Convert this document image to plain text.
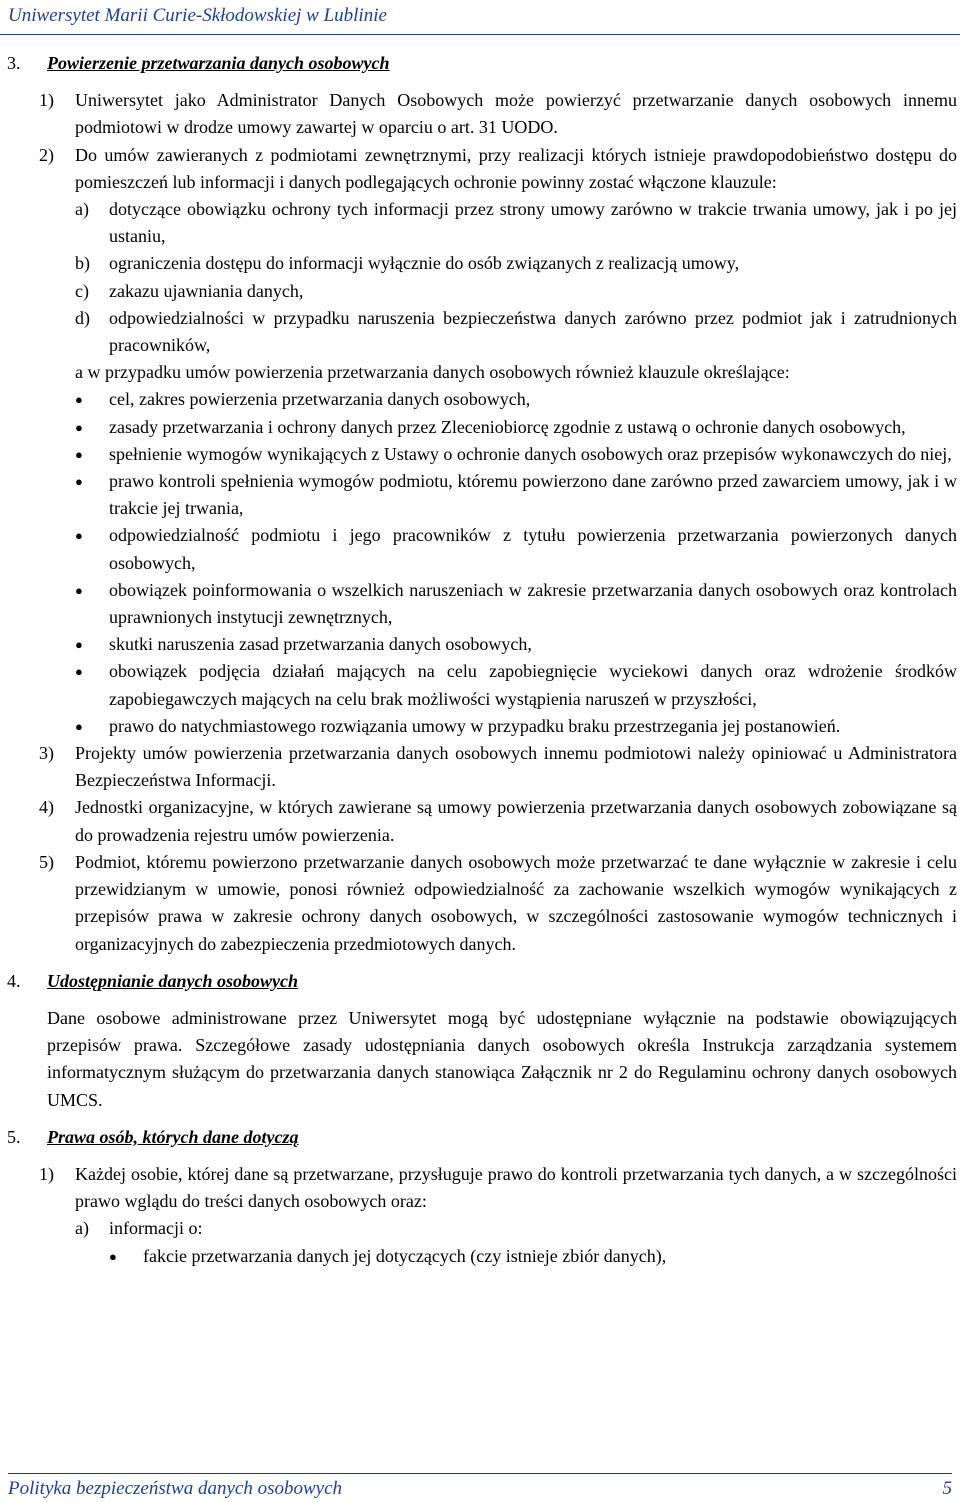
Uniwersytet Marii Curie-Skłodowskiej w Lublinie
3.	Powierzenie przetwarzania danych osobowych
1)	Uniwersytet jako Administrator Danych Osobowych może powierzyć przetwarzanie danych osobowych innemu podmiotowi w drodze umowy zawartej w oparciu o art. 31 UODO.
2)	Do umów zawieranych z podmiotami zewnętrznymi, przy realizacji których istnieje prawdopodobieństwo dostępu do pomieszczeń lub informacji i danych podlegających ochronie powinny zostać włączone klauzule:
a)	dotyczące obowiązku ochrony tych informacji przez strony umowy zarówno w trakcie trwania umowy, jak i po jej ustaniu,
b)	ograniczenia dostępu do informacji wyłącznie do osób związanych z realizacją umowy,
c)	zakazu ujawniania danych,
d)	odpowiedzialności w przypadku naruszenia bezpieczeństwa danych zarówno przez podmiot jak i zatrudnionych pracowników,
a w przypadku umów powierzenia przetwarzania danych osobowych również klauzule określające:
●	cel, zakres powierzenia przetwarzania danych osobowych,
●	zasady przetwarzania i ochrony danych przez Zleceniobiorcę zgodnie z ustawą o ochronie danych osobowych,
●	spełnienie wymogów wynikających z Ustawy o ochronie danych osobowych oraz przepisów wykonawczych do niej,
●	prawo kontroli spełnienia wymogów podmiotu, któremu powierzono dane zarówno przed zawarciem umowy, jak i w trakcie jej trwania,
●	odpowiedzialność podmiotu i jego pracowników z tytułu powierzenia przetwarzania powierzonych danych osobowych,
●	obowiązek poinformowania o wszelkich naruszeniach w zakresie przetwarzania danych osobowych oraz kontrolach uprawnionych instytucji zewnętrznych,
●	skutki naruszenia zasad przetwarzania danych osobowych,
●	obowiązek podjęcia działań mających na celu zapobiegnięcie wyciekowi danych oraz wdrożenie środków zapobiegawczych mających na celu brak możliwości wystąpienia naruszeń w przyszłości,
●	prawo do natychmiastowego rozwiązania umowy w przypadku braku przestrzegania jej postanowień.
3)	Projekty umów powierzenia przetwarzania danych osobowych innemu podmiotowi należy opiniować u Administratora Bezpieczeństwa Informacji.
4)	Jednostki organizacyjne, w których zawierane są umowy powierzenia przetwarzania danych osobowych zobowiązane są do prowadzenia rejestru umów powierzenia.
5)	Podmiot, któremu powierzono przetwarzanie danych osobowych może przetwarzać te dane wyłącznie w zakresie i celu przewidzianym w umowie, ponosi również odpowiedzialność za zachowanie wszelkich wymogów wynikających z przepisów prawa w zakresie ochrony danych osobowych, w szczególności zastosowanie wymogów technicznych i organizacyjnych do zabezpieczenia przedmiotowych danych.
4.	Udostępnianie danych osobowych
Dane osobowe administrowane przez Uniwersytet mogą być udostępniane wyłącznie na podstawie obowiązujących przepisów prawa. Szczegółowe zasady udostępniania danych osobowych określa Instrukcja zarządzania systemem informatycznym służącym do przetwarzania danych stanowiąca Załącznik nr 2 do Regulaminu ochrony danych osobowych UMCS.
5.	Prawa osób, których dane dotyczą
1)	Każdej osobie, której dane są przetwarzane, przysługuje prawo do kontroli przetwarzania tych danych, a w szczególności prawo wglądu do treści danych osobowych oraz:
a)	informacji o:
●	fakcie przetwarzania danych jej dotyczących (czy istnieje zbiór danych),
Polityka bezpieczeństwa danych osobowych	5
